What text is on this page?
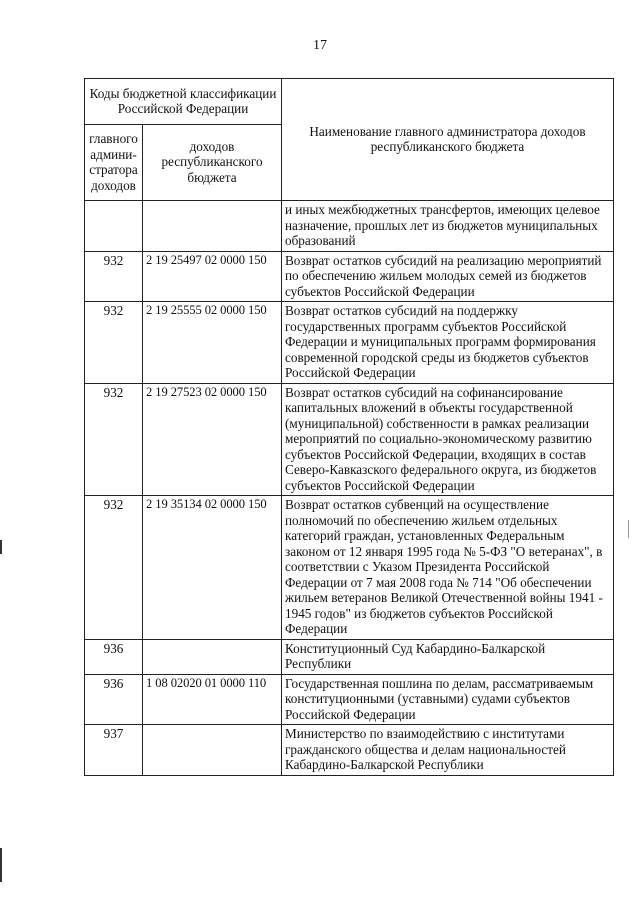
17
Коды бюджетной классификации Российской Федерации		Наименование главного администратора доходов республиканского бюджета
главного админи-стратора доходов	доходов республиканского бюджета	
		и иных межбюджетных трансфертов, имеющих целевое назначение, прошлых лет из бюджетов муниципальных образований
932	2 19 25497 02 0000 150	Возврат остатков субсидий на реализацию мероприятий по обеспечению жильем молодых семей из бюджетов субъектов Российской Федерации
932	2 19 25555 02 0000 150	Возврат остатков субсидий на поддержку государственных программ субъектов Российской Федерации и муниципальных программ формирования современной городской среды из бюджетов субъектов Российской Федерации
932	2 19 27523 02 0000 150	Возврат остатков субсидий на софинансирование капитальных вложений в объекты государственной (муниципальной) собственности в рамках реализации мероприятий по социально-экономическому развитию субъектов Российской Федерации, входящих в состав Северо-Кавказского федерального округа, из бюджетов субъектов Российской Федерации
932	2 19 35134 02 0000 150	Возврат остатков субвенций на осуществление полномочий по обеспечению жильем отдельных категорий граждан, установленных Федеральным законом от 12 января 1995 года № 5-ФЗ "О ветеранах", в соответствии с Указом Президента Российской Федерации от 7 мая 2008 года № 714 "Об обеспечении жильем ветеранов Великой Отечественной войны 1941 - 1945 годов" из бюджетов субъектов Российской Федерации
936		Конституционный Суд Кабардино-Балкарской Республики
936	1 08 02020 01 0000 110	Государственная пошлина по делам, рассматриваемым конституционными (уставными) судами субъектов Российской Федерации
937		Министерство по взаимодействию с институтами гражданского общества и делам национальностей Кабардино-Балкарской Республики
